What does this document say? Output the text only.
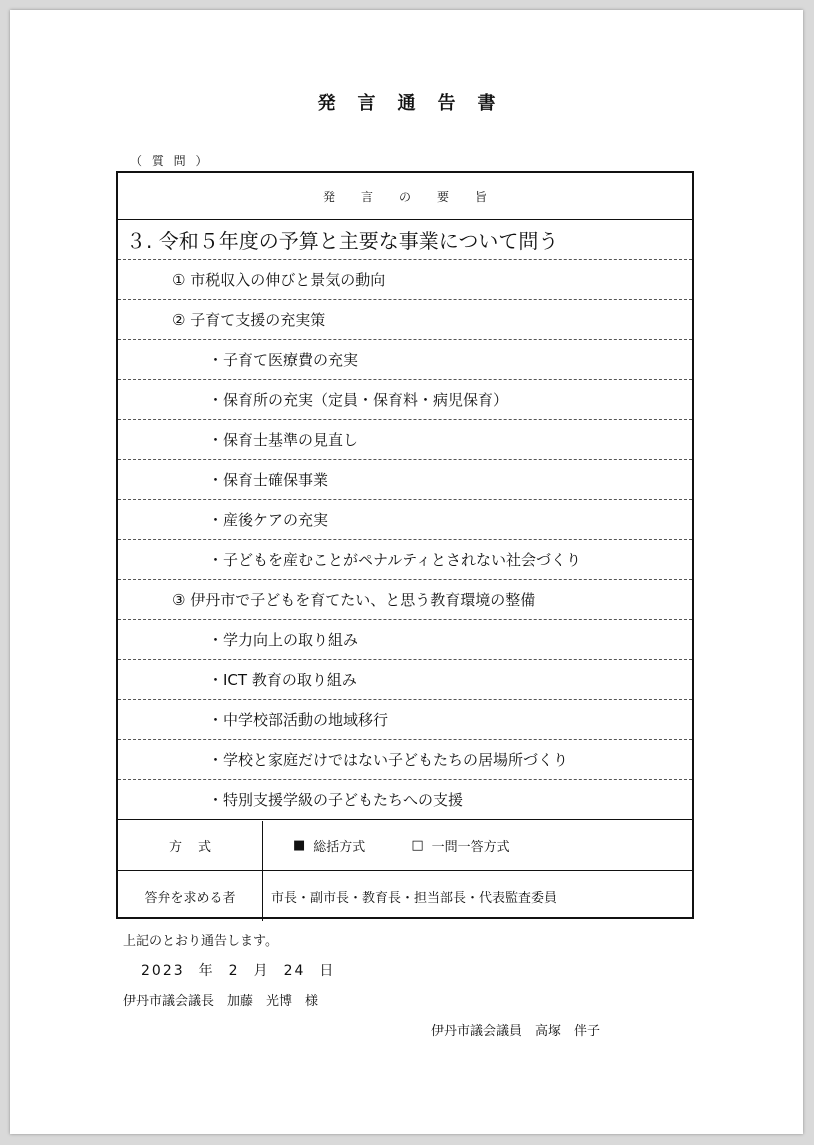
発言通告書
（ 質 問 ）
発言の要旨
３. 令和５年度の予算と主要な事業について問う
① 市税収入の伸びと景気の動向
② 子育て支援の充実策
・子育て医療費の充実
・保育所の充実（定員・保育料・病児保育）
・保育士基準の見直し
・保育士確保事業
・産後ケアの充実
・子どもを産むことがペナルティとされない社会づくり
③ 伊丹市で子どもを育てたい、と思う教育環境の整備
・学力向上の取り組み
・ICT 教育の取り組み
・中学校部活動の地域移行
・学校と家庭だけではない子どもたちの居場所づくり
・特別支援学級の子どもたちへの支援
方式	■ 総括方式	□ 一問一答方式
答弁を求める者	市長・副市長・教育長・担当部長・代表監査委員
上記のとおり通告します。
2023 年 2 月 24 日
伊丹市議会議長　加藤　光博　様
伊丹市議会議員　高塚　伴子
